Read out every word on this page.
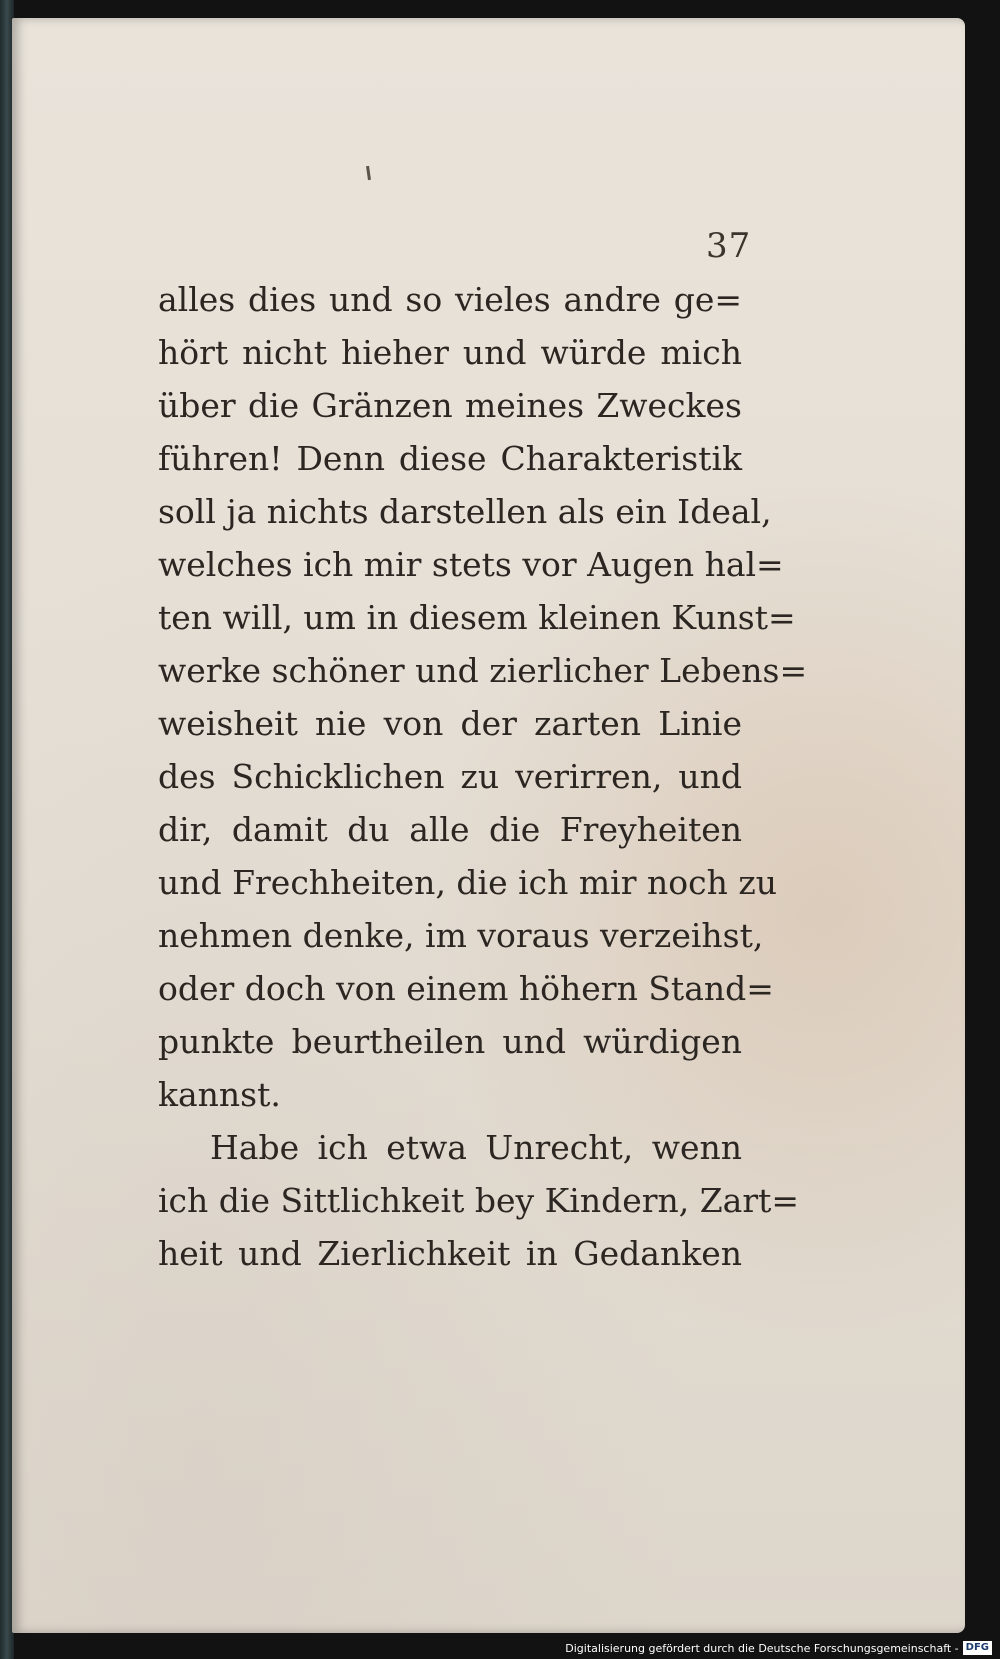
37
alles dies und so vieles andre ge=
hört nicht hieher und würde mich
über die Gränzen meines Zweckes
führen! Denn diese Charakteristik
soll ja nichts darstellen als ein Ideal,
welches ich mir stets vor Augen hal=
ten will, um in diesem kleinen Kunst=
werke schöner und zierlicher Lebens=
weisheit nie von der zarten Linie
des Schicklichen zu verirren, und
dir, damit du alle die Freyheiten
und Frechheiten, die ich mir noch zu
nehmen denke, im voraus verzeihst,
oder doch von einem höhern Stand=
punkte beurtheilen und würdigen
kannst.
Habe ich etwa Unrecht, wenn
ich die Sittlichkeit bey Kindern, Zart=
heit und Zierlichkeit in Gedanken
Digitalisierung gefördert durch die Deutsche Forschungsgemeinschaft - DFG
